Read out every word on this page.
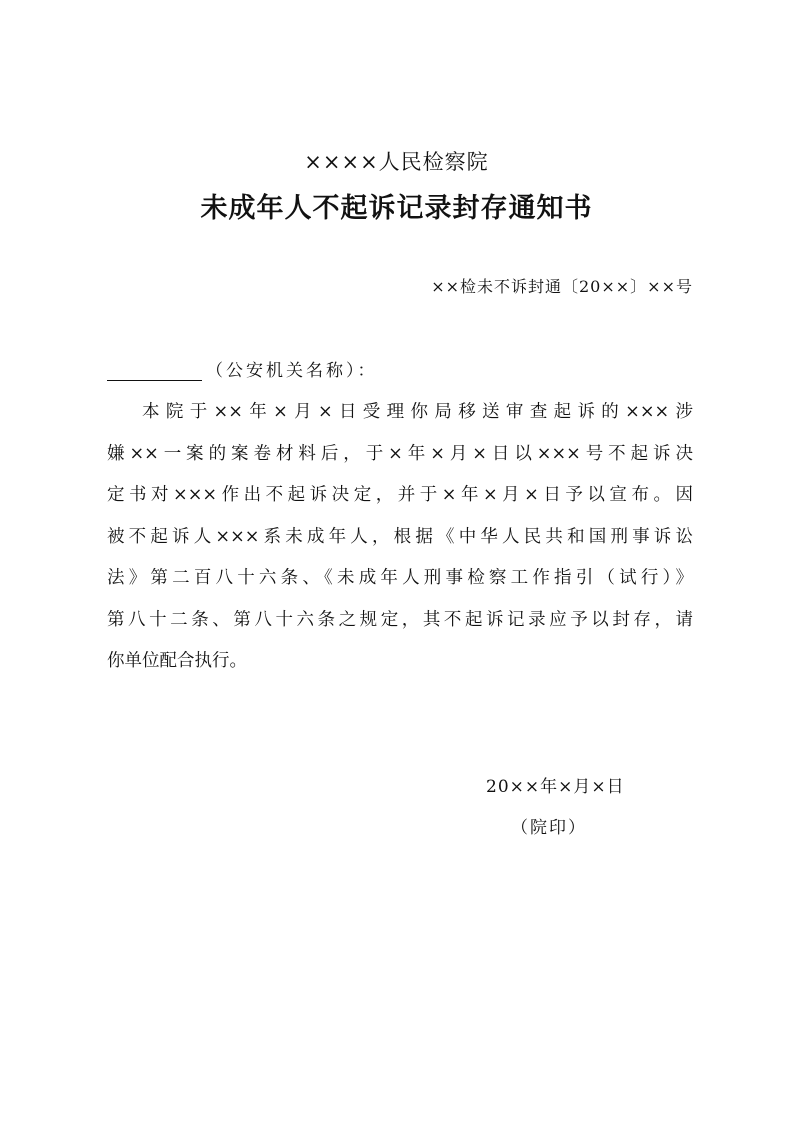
××××人民检察院
未成年人不起诉记录封存通知书
××检未不诉封通〔20××〕××号
（公安机关名称）：
本院于××年×月×日受理你局移送审查起诉的×××涉
嫌××一案的案卷材料后，于×年×月×日以×××号不起诉决
定书对×××作出不起诉决定，并于×年×月×日予以宣布。因
被不起诉人×××系未成年人，根据《中华人民共和国刑事诉讼
法》第二百八十六条、《未成年人刑事检察工作指引（试行）》
第八十二条、第八十六条之规定，其不起诉记录应予以封存，请
你单位配合执行。
20××年×月×日
（院印）
